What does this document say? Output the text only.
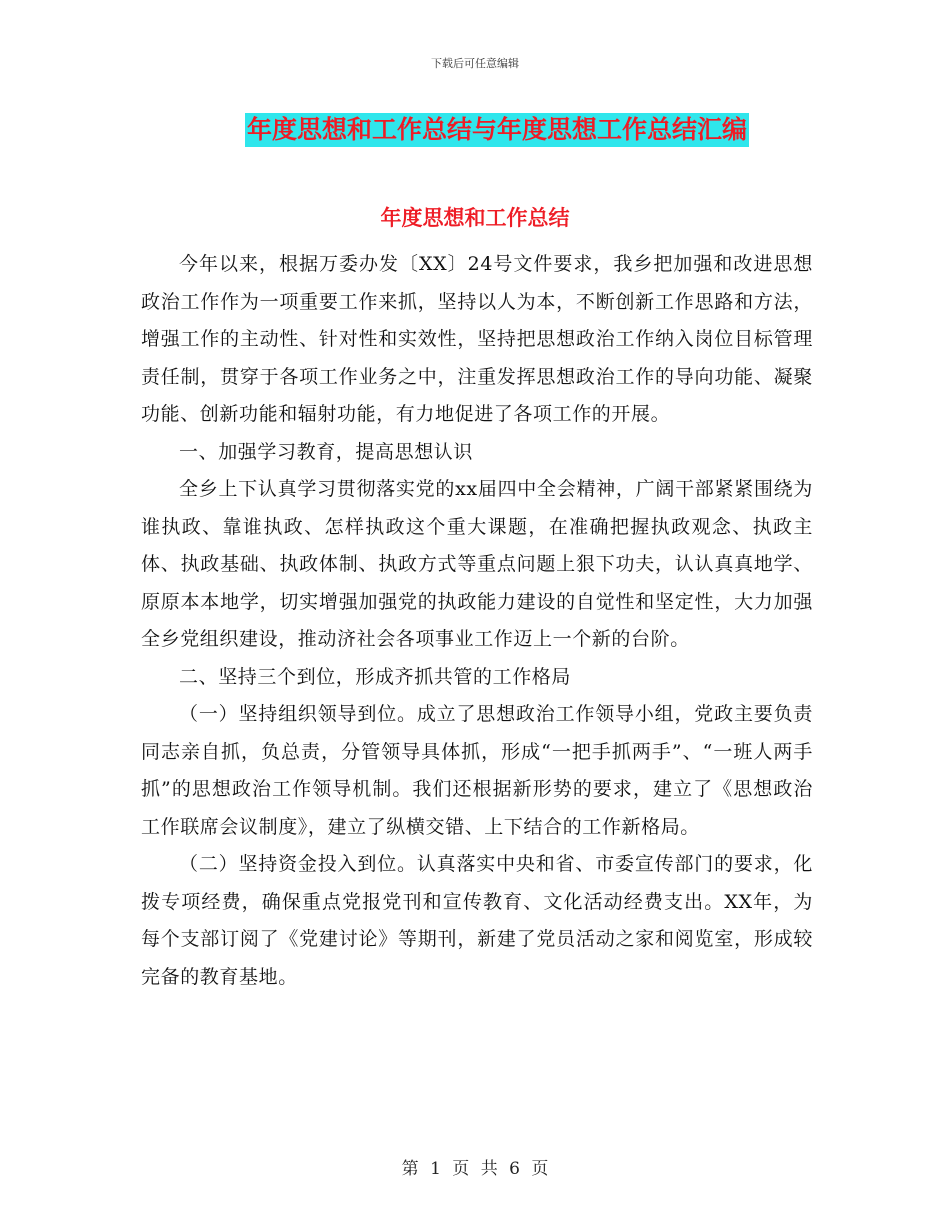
下载后可任意编辑
年度思想和工作总结与年度思想工作总结汇编
年度思想和工作总结

今年以来，根据万委办发〔XX〕24号文件要求，我乡把加强和改进思想政治工作作为一项重要工作来抓，坚持以人为本，不断创新工作思路和方法，增强工作的主动性、针对性和实效性，坚持把思想政治工作纳入岗位目标管理责任制，贯穿于各项工作业务之中，注重发挥思想政治工作的导向功能、凝聚功能、创新功能和辐射功能，有力地促进了各项工作的开展。

一、加强学习教育，提高思想认识

全乡上下认真学习贯彻落实党的xx届四中全会精神，广阔干部紧紧围绕为谁执政、靠谁执政、怎样执政这个重大课题，在准确把握执政观念、执政主体、执政基础、执政体制、执政方式等重点问题上狠下功夫，认认真真地学、原原本本地学，切实增强加强党的执政能力建设的自觉性和坚定性，大力加强全乡党组织建设，推动济社会各项事业工作迈上一个新的台阶。

二、坚持三个到位，形成齐抓共管的工作格局

（一）坚持组织领导到位。成立了思想政治工作领导小组，党政主要负责同志亲自抓，负总责，分管领导具体抓，形成“一把手抓两手”、“一班人两手抓”的思想政治工作领导机制。我们还根据新形势的要求，建立了《思想政治工作联席会议制度》，建立了纵横交错、上下结合的工作新格局。

（二）坚持资金投入到位。认真落实中央和省、市委宣传部门的要求，化拨专项经费，确保重点党报党刊和宣传教育、文化活动经费支出。XX年，为每个支部订阅了《党建讨论》等期刊，新建了党员活动之家和阅览室，形成较完备的教育基地。

第 1 页 共 6 页
